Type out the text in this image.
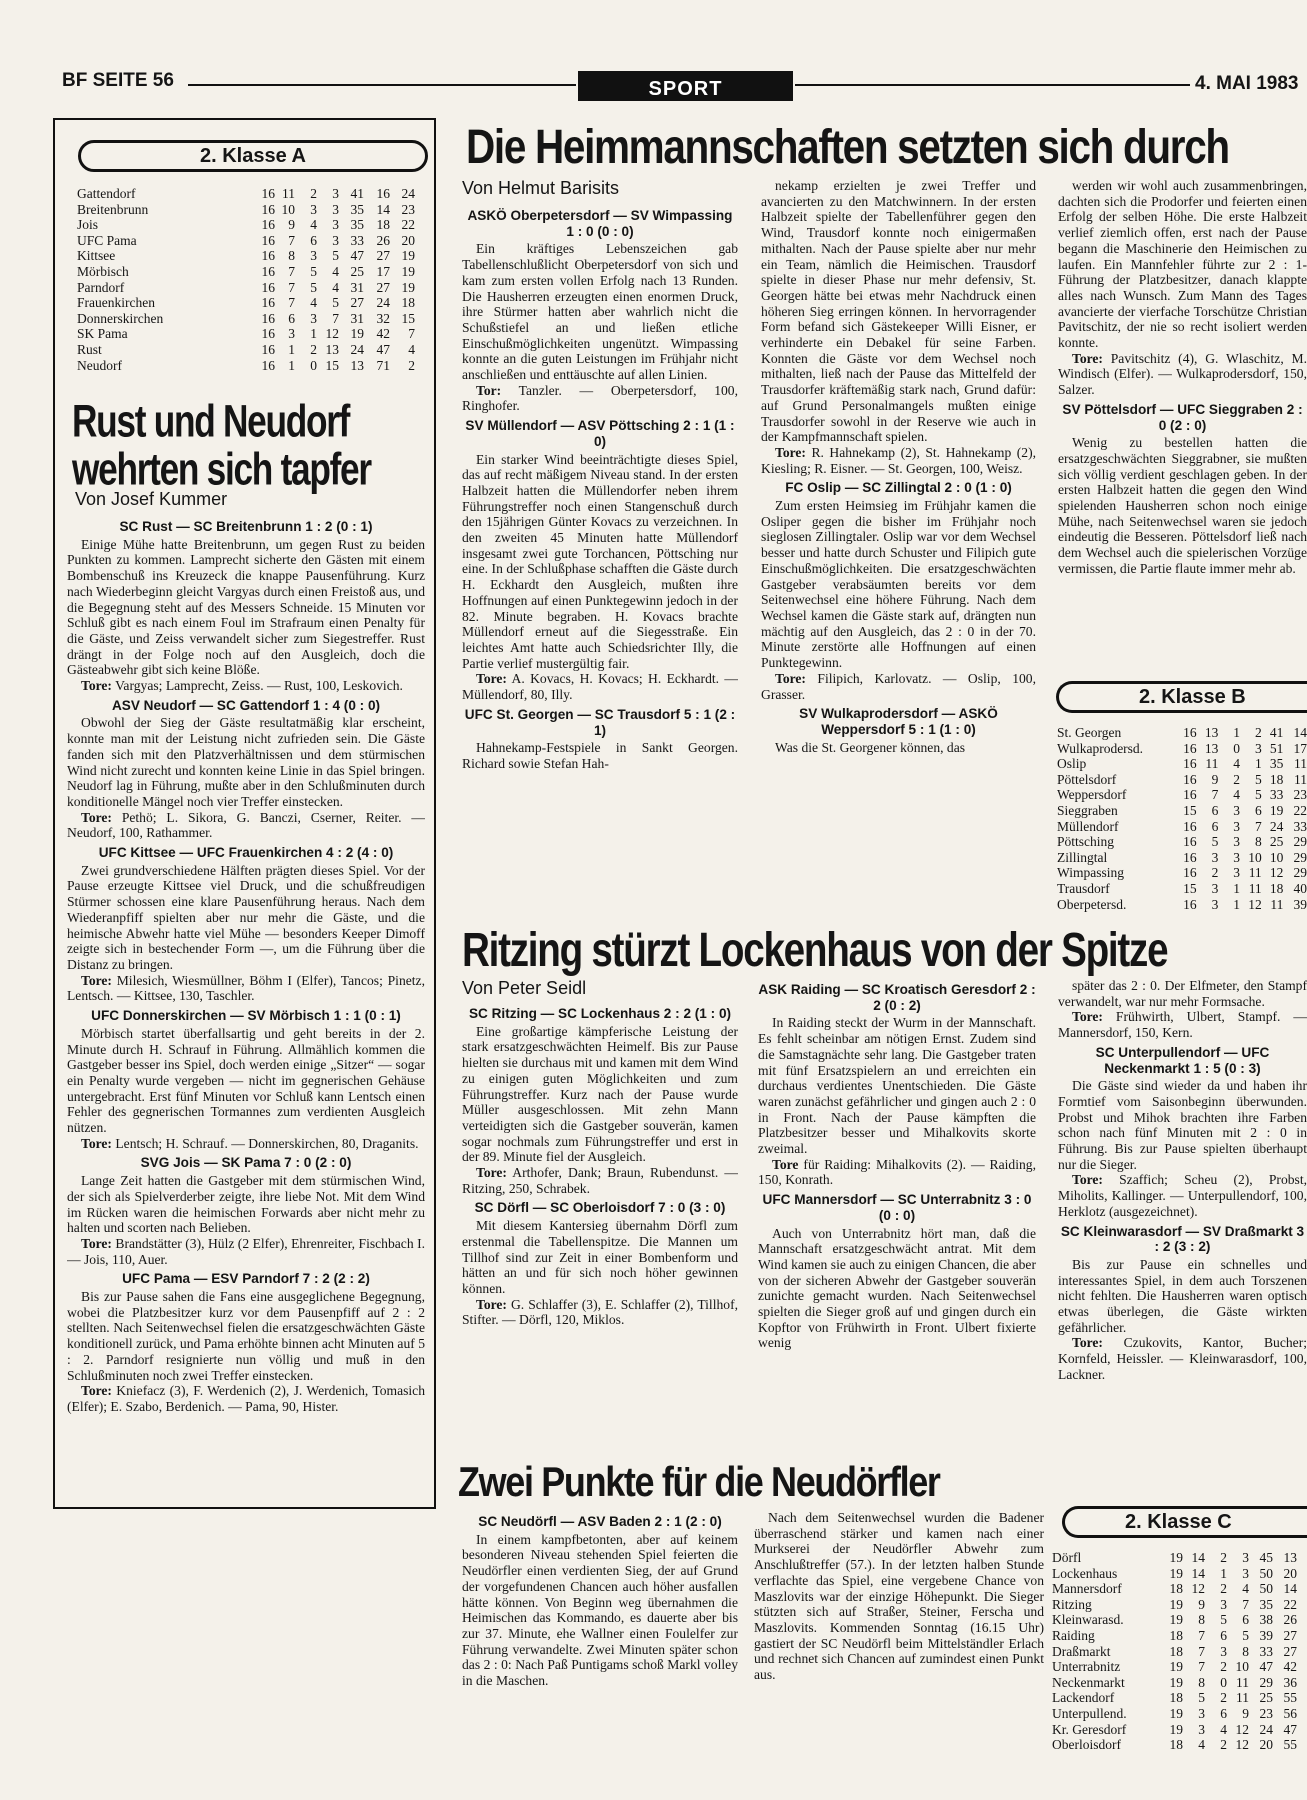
BF SEITE 56	SPORT	4. MAI 1983
2. Klasse A
Gattendorf	16 11	2	3 41 16 24
Breitenbrunn	16 10	3	3 35 14 23
Jois	16 9	4	3 35 18 22
UFC Pama	16 7	6	3 33 26 20
Kittsee	16 8	3	5 47 27 19
Mörbisch	16 7	5	4 25 17 19
Parndorf	16 7	5	4 31 27 19
Frauenkirchen	16 7	4	5 27 24 18
Donnerskirchen	16 6	3	7 31 32 15
SK Pama	16 3	1 12 19 42	7
Rust	16 1	2 13 24 47	4
Neudorf	16 1	0 15 13 71	2
Rust und Neudorf
wehrten sich tapfer
Von Josef Kummer

SC Rust — SC Breitenbrunn 1 : 2 (0 : 1)

Einige Mühe hatte Breitenbrunn, um gegen Rust zu beiden Punkten zu kommen. Lamprecht sicherte den Gästen mit einem Bombenschuß ins Kreuzeck die knappe Pausenführung. Kurz nach Wiederbeginn gleicht Vargyas durch einen Freistoß aus, und die Begegnung steht auf des Messers Schneide. 15 Minuten vor Schluß gibt es nach einem Foul im Strafraum einen Penalty für die Gäste, und Zeiss verwandelt sicher zum Siegestreffer. Rust drängt in der Folge noch auf den Ausgleich, doch die Gästeabwehr gibt sich keine Blöße.

Tore: Vargyas; Lamprecht, Zeiss. — Rust, 100, Leskovich.

ASV Neudorf — SC Gattendorf 1 : 4 (0 : 0)

Obwohl der Sieg der Gäste resultatmäßig klar erscheint, konnte man mit der Leistung nicht zufrieden sein. Die Gäste fanden sich mit den Platzverhältnissen und dem stürmischen Wind nicht zurecht und konnten keine Linie in das Spiel bringen. Neudorf lag in Führung, mußte aber in den Schlußminuten durch konditionelle Mängel noch vier Treffer einstecken.

Tore: Pethö; L. Sikora, G. Banczi, Cserner, Reiter. — Neudorf, 100, Rathammer.

UFC Kittsee — UFC Frauenkirchen 4 : 2 (4 : 0)

Zwei grundverschiedene Hälften prägten dieses Spiel. Vor der Pause erzeugte Kittsee viel Druck, und die schußfreudigen Stürmer schossen eine klare Pausenführung heraus. Nach dem Wiederanpfiff spielten aber nur mehr die Gäste, und die heimische Abwehr hatte viel Mühe — besonders Keeper Dimoff zeigte sich in bestechender Form —, um die Führung über die Distanz zu bringen.

Tore: Milesich, Wiesmüllner, Böhm I (Elfer), Tancos; Pinetz, Lentsch. — Kittsee, 130, Taschler.

UFC Donnerskirchen — SV Mörbisch 1 : 1 (0 : 1)

Mörbisch startet überfallsartig und geht bereits in der 2. Minute durch H. Schrauf in Führung. Allmählich kommen die Gastgeber besser ins Spiel, doch werden einige „Sitzer“ — sogar ein Penalty wurde vergeben — nicht im gegnerischen Gehäuse untergebracht. Erst fünf Minuten vor Schluß kann Lentsch einen Fehler des gegnerischen Tormannes zum verdienten Ausgleich nützen.

Tore: Lentsch; H. Schrauf. — Donnerskirchen, 80, Draganits.

SVG Jois — SK Pama 7 : 0 (2 : 0)

Lange Zeit hatten die Gastgeber mit dem stürmischen Wind, der sich als Spielverderber zeigte, ihre liebe Not. Mit dem Wind im Rücken waren die heimischen Forwards aber nicht mehr zu halten und scorten nach Belieben.

Tore: Brandstätter (3), Hülz (2 Elfer), Ehrenreiter, Fischbach I. — Jois, 110, Auer.

UFC Pama — ESV Parndorf 7 : 2 (2 : 2)

Bis zur Pause sahen die Fans eine ausgeglichene Begegnung, wobei die Platzbesitzer kurz vor dem Pausenpfiff auf 2 : 2 stellten. Nach Seitenwechsel fielen die ersatzgeschwächten Gäste konditionell zurück, und Pama erhöhte binnen acht Minuten auf 5 : 2. Parndorf resignierte nun völlig und muß in den Schlußminuten noch zwei Treffer einstecken.

Tore: Kniefacz (3), F. Werdenich (2), J. Werdenich, Tomasich (Elfer); E. Szabo, Berdenich. — Pama, 90, Hister.

Die Heimmannschaften setzten sich durch
Von Helmut Barisits

ASKÖ Oberpetersdorf — SV Wimpassing 1 : 0 (0 : 0)

Ein kräftiges Lebenszeichen gab Tabellenschlußlicht Oberpetersdorf von sich und kam zum ersten vollen Erfolg nach 13 Runden. Die Hausherren erzeugten einen enormen Druck, ihre Stürmer hatten aber wahrlich nicht die Schußstiefel an und ließen etliche Einschußmöglichkeiten ungenützt. Wimpassing konnte an die guten Leistungen im Frühjahr nicht anschließen und enttäuschte auf allen Linien.

Tor: Tanzler. — Oberpetersdorf, 100, Ringhofer.

SV Müllendorf — ASV Pöttsching 2 : 1 (1 : 0)

Ein starker Wind beeinträchtigte dieses Spiel, das auf recht mäßigem Niveau stand. In der ersten Halbzeit hatten die Müllendorfer neben ihrem Führungstreffer noch einen Stangenschuß durch den 15jährigen Günter Kovacs zu verzeichnen. In den zweiten 45 Minuten hatte Müllendorf insgesamt zwei gute Torchancen, Pöttsching nur eine. In der Schlußphase schafften die Gäste durch H. Eckhardt den Ausgleich, mußten ihre Hoffnungen auf einen Punktegewinn jedoch in der 82. Minute begraben. H. Kovacs brachte Müllendorf erneut auf die Siegesstraße. Ein leichtes Amt hatte auch Schiedsrichter Illy, die Partie verlief mustergültig fair.

Tore: A. Kovacs, H. Kovacs; H. Eckhardt. — Müllendorf, 80, Illy.

UFC St. Georgen — SC Trausdorf 5 : 1 (2 : 1)

Hahnekamp-Festspiele in Sankt Georgen. Richard sowie Stefan Hah-

nekamp erzielten je zwei Treffer und avancierten zu den Matchwinnern. In der ersten Halbzeit spielte der Tabellenführer gegen den Wind, Trausdorf konnte noch einigermaßen mithalten. Nach der Pause spielte aber nur mehr ein Team, nämlich die Heimischen. Trausdorf spielte in dieser Phase nur mehr defensiv, St. Georgen hätte bei etwas mehr Nachdruck einen höheren Sieg erringen können. In hervorragender Form befand sich Gästekeeper Willi Eisner, er verhinderte ein Debakel für seine Farben. Konnten die Gäste vor dem Wechsel noch mithalten, ließ nach der Pause das Mittelfeld der Trausdorfer kräftemäßig stark nach, Grund dafür: auf Grund Personalmangels mußten einige Trausdorfer sowohl in der Reserve wie auch in der Kampfmannschaft spielen.

Tore: R. Hahnekamp (2), St. Hahnekamp (2), Kiesling; R. Eisner. — St. Georgen, 100, Weisz.

FC Oslip — SC Zillingtal 2 : 0 (1 : 0)

Zum ersten Heimsieg im Frühjahr kamen die Osliper gegen die bisher im Frühjahr noch sieglosen Zillingtaler. Oslip war vor dem Wechsel besser und hatte durch Schuster und Filipich gute Einschußmöglichkeiten. Die ersatzgeschwächten Gastgeber verabsäumten bereits vor dem Seitenwechsel eine höhere Führung. Nach dem Wechsel kamen die Gäste stark auf, drängten nun mächtig auf den Ausgleich, das 2 : 0 in der 70. Minute zerstörte alle Hoffnungen auf einen Punktegewinn.

Tore: Filipich, Karlovatz. — Oslip, 100, Grasser.

SV Wulkaprodersdorf — ASKÖ Weppersdorf 5 : 1 (1 : 0)

Was die St. Georgener können, das

werden wir wohl auch zusammenbringen, dachten sich die Prodorfer und feierten einen Erfolg der selben Höhe. Die erste Halbzeit verlief ziemlich offen, erst nach der Pause begann die Maschinerie den Heimischen zu laufen. Ein Mannfehler führte zur 2 : 1-Führung der Platzbesitzer, danach klappte alles nach Wunsch. Zum Mann des Tages avancierte der vierfache Torschütze Christian Pavitschitz, der nie so recht isoliert werden konnte.

Tore: Pavitschitz (4), G. Wlaschitz, M. Windisch (Elfer). — Wulkaprodersdorf, 150, Salzer.

SV Pöttelsdorf — UFC Sieggraben 2 : 0 (2 : 0)

Wenig zu bestellen hatten die ersatzgeschwächten Sieggrabner, sie mußten sich völlig verdient geschlagen geben. In der ersten Halbzeit hatten die gegen den Wind spielenden Hausherren schon noch einige Mühe, nach Seitenwechsel waren sie jedoch eindeutig die Besseren. Pöttelsdorf ließ nach dem Wechsel auch die spielerischen Vorzüge vermissen, die Partie flaute immer mehr ab.

2. Klasse B
St. Georgen	16 13	1	2 41 14
Wulkaprodersd.	16 13	0	3 51 17
Oslip	16 11	4	1 35 11
Pöttelsdorf	16	9	2	5 18 11
Weppersdorf	16	7	4	5 33 23
Sieggraben	15	6	3	6 19 22
Müllendorf	16	6	3	7 24 33
Pöttsching	16	5	3	8 25 29
Zillingtal	16	3	3 10 10 29
Wimpassing	16	2	3 11 12 29
Trausdorf	15	3	1 11 18 40
Oberpetersd.	16	3	1 12 11 39
Ritzing stürzt Lockenhaus von der Spitze
Von Peter Seidl

SC Ritzing — SC Lockenhaus 2 : 2 (1 : 0)

Eine großartige kämpferische Leistung der stark ersatzgeschwächten Heimelf. Bis zur Pause hielten sie durchaus mit und kamen mit dem Wind zu einigen guten Möglichkeiten und zum Führungstreffer. Kurz nach der Pause wurde Müller ausgeschlossen. Mit zehn Mann verteidigten sich die Gastgeber souverän, kamen sogar nochmals zum Führungstreffer und erst in der 89. Minute fiel der Ausgleich.

Tore: Arthofer, Dank; Braun, Rubendunst. — Ritzing, 250, Schrabek.

SC Dörfl — SC Oberloisdorf 7 : 0 (3 : 0)

Mit diesem Kantersieg übernahm Dörfl zum erstenmal die Tabellenspitze. Die Mannen um Tillhof sind zur Zeit in einer Bombenform und hätten an und für sich noch höher gewinnen können.

Tore: G. Schlaffer (3), E. Schlaffer (2), Tillhof, Stifter. — Dörfl, 120, Miklos.

ASK Raiding — SC Kroatisch Geresdorf 2 : 2 (0 : 2)

In Raiding steckt der Wurm in der Mannschaft. Es fehlt scheinbar am nötigen Ernst. Zudem sind die Samstagnächte sehr lang. Die Gastgeber traten mit fünf Ersatzspielern an und erreichten ein durchaus verdientes Unentschieden. Die Gäste waren zunächst gefährlicher und gingen auch 2 : 0 in Front. Nach der Pause kämpften die Platzbesitzer besser und Mihalkovits skorte zweimal.

Tore für Raiding: Mihalkovits (2). — Raiding, 150, Konrath.

UFC Mannersdorf — SC Unterrabnitz 3 : 0 (0 : 0)

Auch von Unterrabnitz hört man, daß die Mannschaft ersatzgeschwächt antrat. Mit dem Wind kamen sie auch zu einigen Chancen, die aber von der sicheren Abwehr der Gastgeber souverän zunichte gemacht wurden. Nach Seitenwechsel spielten die Sieger groß auf und gingen durch ein Kopftor von Frühwirth in Front. Ulbert fixierte wenig

später das 2 : 0. Der Elfmeter, den Stampf verwandelt, war nur mehr Formsache.

Tore: Frühwirth, Ulbert, Stampf. — Mannersdorf, 150, Kern.

SC Unterpullendorf — UFC Neckenmarkt 1 : 5 (0 : 3)

Die Gäste sind wieder da und haben ihr Formtief vom Saisonbeginn überwunden. Probst und Mihok brachten ihre Farben schon nach fünf Minuten mit 2 : 0 in Führung. Bis zur Pause spielten überhaupt nur die Sieger.

Tore: Szaffich; Scheu (2), Probst, Miholits, Kallinger. — Unterpullendorf, 100, Herklotz (ausgezeichnet).

SC Kleinwarasdorf — SV Draßmarkt 3 : 2 (3 : 2)

Bis zur Pause ein schnelles und interessantes Spiel, in dem auch Torszenen nicht fehlten. Die Hausherren waren optisch etwas überlegen, die Gäste wirkten gefährlicher.

Tore: Czukovits, Kantor, Bucher; Kornfeld, Heissler. — Kleinwarasdorf, 100, Lackner.

Zwei Punkte für die Neudörfler

SC Neudörfl — ASV Baden 2 : 1 (2 : 0)

In einem kampfbetonten, aber auf keinem besonderen Niveau stehenden Spiel feierten die Neudörfler einen verdienten Sieg, der auf Grund der vorgefundenen Chancen auch höher ausfallen hätte können. Von Beginn weg übernahmen die Heimischen das Kommando, es dauerte aber bis zur 37. Minute, ehe Wallner einen Foulelfer zur Führung verwandelte. Zwei Minuten später schon das 2 : 0: Nach Paß Puntigams schoß Markl volley in die Maschen.

Nach dem Seitenwechsel wurden die Badener überraschend stärker und kamen nach einer Murkserei der Neudörfler Abwehr zum Anschlußtreffer (57.). In der letzten halben Stunde verflachte das Spiel, eine vergebene Chance von Maszlovits war der einzige Höhepunkt. Die Sieger stützten sich auf Straßer, Steiner, Ferscha und Maszlovits. Kommenden Sonntag (16.15 Uhr) gastiert der SC Neudörfl beim Mittelständler Erlach und rechnet sich Chancen auf zumindest einen Punkt aus.

2. Klasse C
Dörfl	19 14	2	3 45 13
Lockenhaus	19 14	1	3 50 20
Mannersdorf	18 12	2	4 50 14
Ritzing	19	9	3	7 35 22
Kleinwarasd.	19	8	5	6 38 26
Raiding	18	7	6	5 39 27
Draßmarkt	18	7	3	8 33 27
Unterrabnitz	19	7	2 10 47 42
Neckenmarkt	19	8	0 11 29 36
Lackendorf	18	5	2 11 25 55
Unterpullend.	19	3	6	9 23 56
Kr. Geresdorf	19	3	4 12 24 47
Oberloisdorf	18	4	2 12 20 55
